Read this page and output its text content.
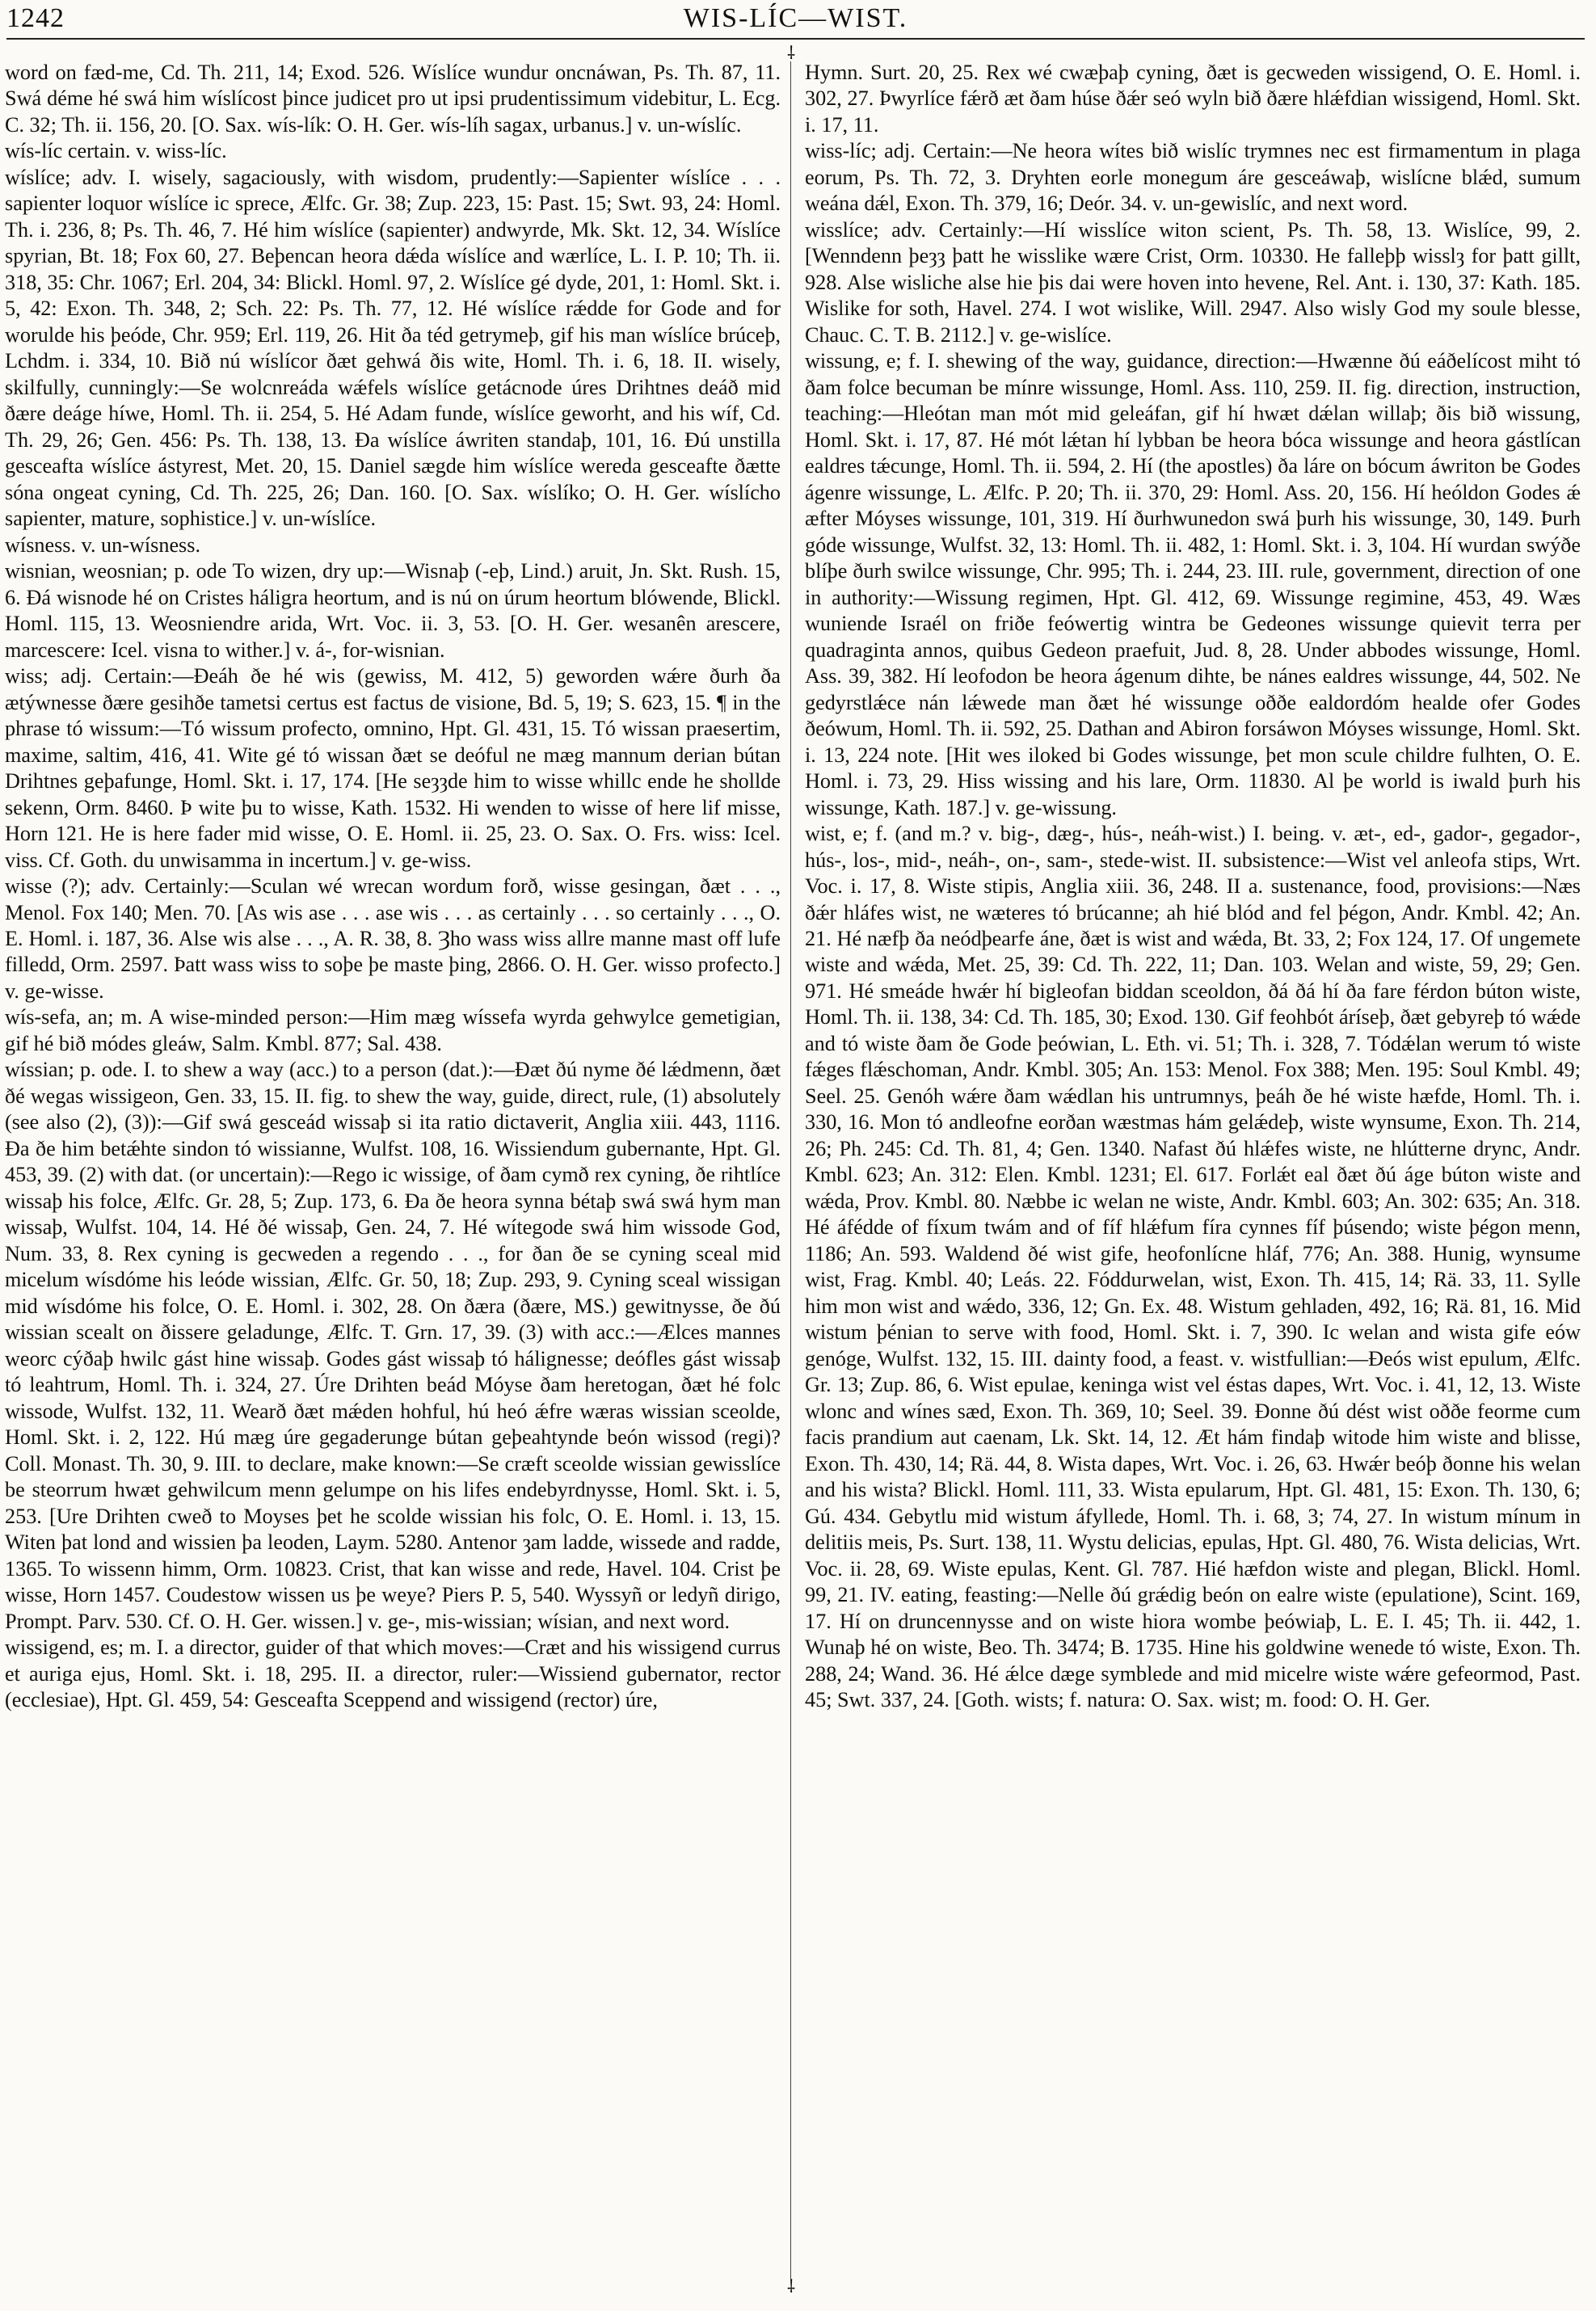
1242	WIS-LÍC—WIST.
⸸
⸸

word on fæd‑me, Cd. Th. 211, 14; Exod. 526. Wíslíce wundur oncnáwan, Ps. Th. 87, 11. Swá déme hé swá him wíslícost þince judicet pro ut ipsi prudentissimum videbitur, L. Ecg. C. 32; Th. ii. 156, 20. [O. Sax. wís-lík: O. H. Ger. wís-líh sagax, urbanus.] v. un-wíslíc.

wís-líc certain. v. wiss-líc.

wíslíce; adv. I. wisely, sagaciously, with wisdom, prudently:—Sapienter wíslíce . . . sapienter loquor wíslíce ic sprece, Ælfc. Gr. 38; Zup. 223, 15: Past. 15; Swt. 93, 24: Homl. Th. i. 236, 8; Ps. Th. 46, 7. Hé him wíslíce (sapienter) andwyrde, Mk. Skt. 12, 34. Wíslíce spyrian, Bt. 18; Fox 60, 27. Beþencan heora dǽda wíslíce and wærlíce, L. I. P. 10; Th. ii. 318, 35: Chr. 1067; Erl. 204, 34: Blickl. Homl. 97, 2. Wíslíce gé dyde, 201, 1: Homl. Skt. i. 5, 42: Exon. Th. 348, 2; Sch. 22: Ps. Th. 77, 12. Hé wíslíce rǽdde for Gode and for worulde his þeóde, Chr. 959; Erl. 119, 26. Hit ða téd getrymeþ, gif his man wíslíce brúceþ, Lchdm. i. 334, 10. Bið nú wíslícor ðæt gehwá ðis wite, Homl. Th. i. 6, 18. II. wisely, skilfully, cunningly:—Se wolcnreáda wǽfels wíslíce getácnode úres Drihtnes deáð mid ðære deáge híwe, Homl. Th. ii. 254, 5. Hé Adam funde, wíslíce geworht, and his wíf, Cd. Th. 29, 26; Gen. 456: Ps. Th. 138, 13. Ða wíslíce áwriten standaþ, 101, 16. Ðú unstilla gesceafta wíslíce ástyrest, Met. 20, 15. Daniel sægde him wíslíce wereda gesceafte ðætte sóna ongeat cyning, Cd. Th. 225, 26; Dan. 160. [O. Sax. wíslíko; O. H. Ger. wíslícho sapienter, mature, sophistice.] v. un-wíslíce.

wísness. v. un-wísness.

wisnian, weosnian; p. ode To wizen, dry up:—Wisnaþ (-eþ, Lind.) aruit, Jn. Skt. Rush. 15, 6. Ðá wisnode hé on Cristes háligra heortum, and is nú on úrum heortum blówende, Blickl. Homl. 115, 13. Weosniendre arida, Wrt. Voc. ii. 3, 53. [O. H. Ger. wesanên arescere, marcescere: Icel. visna to wither.] v. á-, for-wisnian.

wiss; adj. Certain:—Ðeáh ðe hé wis (gewiss, M. 412, 5) geworden wǽre ðurh ða ætýwnesse ðære gesihðe tametsi certus est factus de visione, Bd. 5, 19; S. 623, 15. ¶ in the phrase tó wissum:—Tó wissum profecto, omnino, Hpt. Gl. 431, 15. Tó wissan praesertim, maxime, saltim, 416, 41. Wite gé tó wissan ðæt se deóful ne mæg mannum derian bútan Drihtnes geþafunge, Homl. Skt. i. 17, 174. [He seȝȝde him to wisse whillc ende he shollde sekenn, Orm. 8460. Þ wite þu to wisse, Kath. 1532. Hi wenden to wisse of here lif misse, Horn 121. He is here fader mid wisse, O. E. Homl. ii. 25, 23. O. Sax. O. Frs. wiss: Icel. viss. Cf. Goth. du unwisamma in incertum.] v. ge-wiss.

wisse (?); adv. Certainly:—Sculan wé wrecan wordum forð, wisse gesingan, ðæt . . ., Menol. Fox 140; Men. 70. [As wis ase . . . ase wis . . . as certainly . . . so certainly . . ., O. E. Homl. i. 187, 36. Alse wis alse . . ., A. R. 38, 8. Ȝho wass wiss allre manne mast off lufe filledd, Orm. 2597. Þatt wass wiss to soþe þe maste þing, 2866. O. H. Ger. wisso profecto.] v. ge-wisse.

wís-sefa, an; m. A wise-minded person:—Him mæg wíssefa wyrda gehwylce gemetigian, gif hé bið módes gleáw, Salm. Kmbl. 877; Sal. 438.

wíssian; p. ode. I. to shew a way (acc.) to a person (dat.):—Ðæt ðú nyme ðé lǽdmenn, ðæt ðé wegas wissigeon, Gen. 33, 15. II. fig. to shew the way, guide, direct, rule, (1) absolutely (see also (2), (3)):—Gif swá gesceád wissaþ si ita ratio dictaverit, Anglia xiii. 443, 1116. Ða ðe him betǽhte sindon tó wissianne, Wulfst. 108, 16. Wissiendum gubernante, Hpt. Gl. 453, 39. (2) with dat. (or uncertain):—Rego ic wissige, of ðam cymð rex cyning, ðe rihtlíce wissaþ his folce, Ælfc. Gr. 28, 5; Zup. 173, 6. Ða ðe heora synna bétaþ swá swá hym man wissaþ, Wulfst. 104, 14. Hé ðé wissaþ, Gen. 24, 7. Hé wítegode swá him wissode God, Num. 33, 8. Rex cyning is gecweden a regendo . . ., for ðan ðe se cyning sceal mid micelum wísdóme his leóde wissian, Ælfc. Gr. 50, 18; Zup. 293, 9. Cyning sceal wissigan mid wísdóme his folce, O. E. Homl. i. 302, 28. On ðæra (ðære, MS.) gewitnysse, ðe ðú wissian scealt on ðissere geladunge, Ælfc. T. Grn. 17, 39. (3) with acc.:—Ælces mannes weorc cýðaþ hwilc gást hine wissaþ. Godes gást wissaþ tó hálignesse; deófles gást wissaþ tó leahtrum, Homl. Th. i. 324, 27. Úre Drihten beád Móyse ðam heretogan, ðæt hé folc wissode, Wulfst. 132, 11. Wearð ðæt mǽden hohful, hú heó ǽfre wæras wissian sceolde, Homl. Skt. i. 2, 122. Hú mæg úre gegaderunge bútan geþeahtynde beón wissod (regi)? Coll. Monast. Th. 30, 9. III. to declare, make known:—Se cræft sceolde wissian gewisslíce be steorrum hwæt gehwilcum menn gelumpe on his lifes endebyrdnysse, Homl. Skt. i. 5, 253. [Ure Drihten cweð to Moyses þet he scolde wissian his folc, O. E. Homl. i. 13, 15. Witen þat lond and wissien þa leoden, Laym. 5280. Antenor ȝam ladde, wissede and radde, 1365. To wissenn himm, Orm. 10823. Crist, that kan wisse and rede, Havel. 104. Crist þe wisse, Horn 1457. Coudestow wissen us þe weye? Piers P. 5, 540. Wyssyñ or ledyñ dirigo, Prompt. Parv. 530. Cf. O. H. Ger. wissen.] v. ge-, mis-wissian; wísian, and next word.

wissigend, es; m. I. a director, guider of that which moves:—Cræt and his wissigend currus et auriga ejus, Homl. Skt. i. 18, 295. II. a director, ruler:—Wissiend gubernator, rector (ecclesiae), Hpt. Gl. 459, 54: Gesceafta Sceppend and wissigend (rector) úre,

Hymn. Surt. 20, 25. Rex wé cwæþaþ cyning, ðæt is gecweden wissigend, O. E. Homl. i. 302, 27. Þwyrlíce fǽrð æt ðam húse ðǽr seó wyln bið ðære hlǽfdian wissigend, Homl. Skt. i. 17, 11.

wiss-líc; adj. Certain:—Ne heora wítes bið wislíc trymnes nec est firmamentum in plaga eorum, Ps. Th. 72, 3. Dryhten eorle monegum áre gesceáwaþ, wislícne blǽd, sumum weána dǽl, Exon. Th. 379, 16; Deór. 34. v. un-gewislíc, and next word.

wisslíce; adv. Certainly:—Hí wisslíce witon scient, Ps. Th. 58, 13. Wislíce, 99, 2. [Wenndenn þeȝȝ þatt he wisslike wære Crist, Orm. 10330. He falleþþ wisslȝ for þatt gillt, 928. Alse wisliche alse hie þis dai were hoven into hevene, Rel. Ant. i. 130, 37: Kath. 185. Wislike for soth, Havel. 274. I wot wislike, Will. 2947. Also wisly God my soule blesse, Chauc. C. T. B. 2112.] v. ge-wislíce.

wissung, e; f. I. shewing of the way, guidance, direction:—Hwænne ðú eáðelícost miht tó ðam folce becuman be mínre wissunge, Homl. Ass. 110, 259. II. fig. direction, instruction, teaching:—Hleótan man mót mid geleáfan, gif hí hwæt dǽlan willaþ; ðis bið wissung, Homl. Skt. i. 17, 87. Hé mót lǽtan hí lybban be heora bóca wissunge and heora gástlícan ealdres tǽcunge, Homl. Th. ii. 594, 2. Hí (the apostles) ða láre on bócum áwriton be Godes ágenre wissunge, L. Ælfc. P. 20; Th. ii. 370, 29: Homl. Ass. 20, 156. Hí heóldon Godes ǽ æfter Móyses wissunge, 101, 319. Hí ðurhwunedon swá þurh his wissunge, 30, 149. Þurh góde wissunge, Wulfst. 32, 13: Homl. Th. ii. 482, 1: Homl. Skt. i. 3, 104. Hí wurdan swýðe blíþe ðurh swilce wissunge, Chr. 995; Th. i. 244, 23. III. rule, government, direction of one in authority:—Wissung regimen, Hpt. Gl. 412, 69. Wissunge regimine, 453, 49. Wæs wuniende Israél on friðe feówertig wintra be Gedeones wissunge quievit terra per quadraginta annos, quibus Gedeon praefuit, Jud. 8, 28. Under abbodes wissunge, Homl. Ass. 39, 382. Hí leofodon be heora ágenum dihte, be nánes ealdres wissunge, 44, 502. Ne gedyrstlǽce nán lǽwede man ðæt hé wissunge oððe ealdordóm healde ofer Godes ðeówum, Homl. Th. ii. 592, 25. Dathan and Abiron forsáwon Móyses wissunge, Homl. Skt. i. 13, 224 note. [Hit wes iloked bi Godes wissunge, þet mon scule childre fulhten, O. E. Homl. i. 73, 29. Hiss wissing and his lare, Orm. 11830. Al þe world is iwald þurh his wissunge, Kath. 187.] v. ge-wissung.

wist, e; f. (and m.? v. big-, dæg-, hús-, neáh-wist.) I. being. v. æt-, ed-, gador-, gegador-, hús-, los-, mid-, neáh-, on-, sam-, stede-wist. II. subsistence:—Wist vel anleofa stips, Wrt. Voc. i. 17, 8. Wiste stipis, Anglia xiii. 36, 248. II a. sustenance, food, provisions:—Næs ðǽr hláfes wist, ne wæteres tó brúcanne; ah hié blód and fel þégon, Andr. Kmbl. 42; An. 21. Hé næfþ ða neódþearfe áne, ðæt is wist and wǽda, Bt. 33, 2; Fox 124, 17. Of ungemete wiste and wǽda, Met. 25, 39: Cd. Th. 222, 11; Dan. 103. Welan and wiste, 59, 29; Gen. 971. Hé smeáde hwǽr hí bigleofan biddan sceoldon, ðá ðá hí ða fare férdon búton wiste, Homl. Th. ii. 138, 34: Cd. Th. 185, 30; Exod. 130. Gif feohbót áríseþ, ðæt gebyreþ tó wǽde and tó wiste ðam ðe Gode þeówian, L. Eth. vi. 51; Th. i. 328, 7. Tódǽlan werum tó wiste fǽges flǽschoman, Andr. Kmbl. 305; An. 153: Menol. Fox 388; Men. 195: Soul Kmbl. 49; Seel. 25. Genóh wǽre ðam wǽdlan his untrumnys, þeáh ðe hé wiste hæfde, Homl. Th. i. 330, 16. Mon tó andleofne eorðan wæstmas hám gelǽdeþ, wiste wynsume, Exon. Th. 214, 26; Ph. 245: Cd. Th. 81, 4; Gen. 1340. Nafast ðú hlǽfes wiste, ne hlútterne drync, Andr. Kmbl. 623; An. 312: Elen. Kmbl. 1231; El. 617. Forlǽt eal ðæt ðú áge búton wiste and wǽda, Prov. Kmbl. 80. Næbbe ic welan ne wiste, Andr. Kmbl. 603; An. 302: 635; An. 318. Hé áfédde of fíxum twám and of fíf hlǽfum fíra cynnes fíf þúsendo; wiste þégon menn, 1186; An. 593. Waldend ðé wist gife, heofonlícne hláf, 776; An. 388. Hunig, wynsume wist, Frag. Kmbl. 40; Leás. 22. Fóddurwelan, wist, Exon. Th. 415, 14; Rä. 33, 11. Sylle him mon wist and wǽdo, 336, 12; Gn. Ex. 48. Wistum gehladen, 492, 16; Rä. 81, 16. Mid wistum þénian to serve with food, Homl. Skt. i. 7, 390. Ic welan and wista gife eów genóge, Wulfst. 132, 15. III. dainty food, a feast. v. wistfullian:—Ðeós wist epulum, Ælfc. Gr. 13; Zup. 86, 6. Wist epulae, keninga wist vel éstas dapes, Wrt. Voc. i. 41, 12, 13. Wiste wlonc and wínes sæd, Exon. Th. 369, 10; Seel. 39. Ðonne ðú dést wist oððe feorme cum facis prandium aut caenam, Lk. Skt. 14, 12. Æt hám findaþ witode him wiste and blisse, Exon. Th. 430, 14; Rä. 44, 8. Wista dapes, Wrt. Voc. i. 26, 63. Hwǽr beóþ ðonne his welan and his wista? Blickl. Homl. 111, 33. Wista epularum, Hpt. Gl. 481, 15: Exon. Th. 130, 6; Gú. 434. Gebytlu mid wistum áfyllede, Homl. Th. i. 68, 3; 74, 27. In wistum mínum in delitiis meis, Ps. Surt. 138, 11. Wystu delicias, epulas, Hpt. Gl. 480, 76. Wista delicias, Wrt. Voc. ii. 28, 69. Wiste epulas, Kent. Gl. 787. Hié hæfdon wiste and plegan, Blickl. Homl. 99, 21. IV. eating, feasting:—Nelle ðú grǽdig beón on ealre wiste (epulatione), Scint. 169, 17. Hí on druncennysse and on wiste hiora wombe þeówiaþ, L. E. I. 45; Th. ii. 442, 1. Wunaþ hé on wiste, Beo. Th. 3474; B. 1735. Hine his goldwine wenede tó wiste, Exon. Th. 288, 24; Wand. 36. Hé ǽlce dæge symblede and mid micelre wiste wǽre gefeormod, Past. 45; Swt. 337, 24. [Goth. wists; f. natura: O. Sax. wist; m. food: O. H. Ger.
